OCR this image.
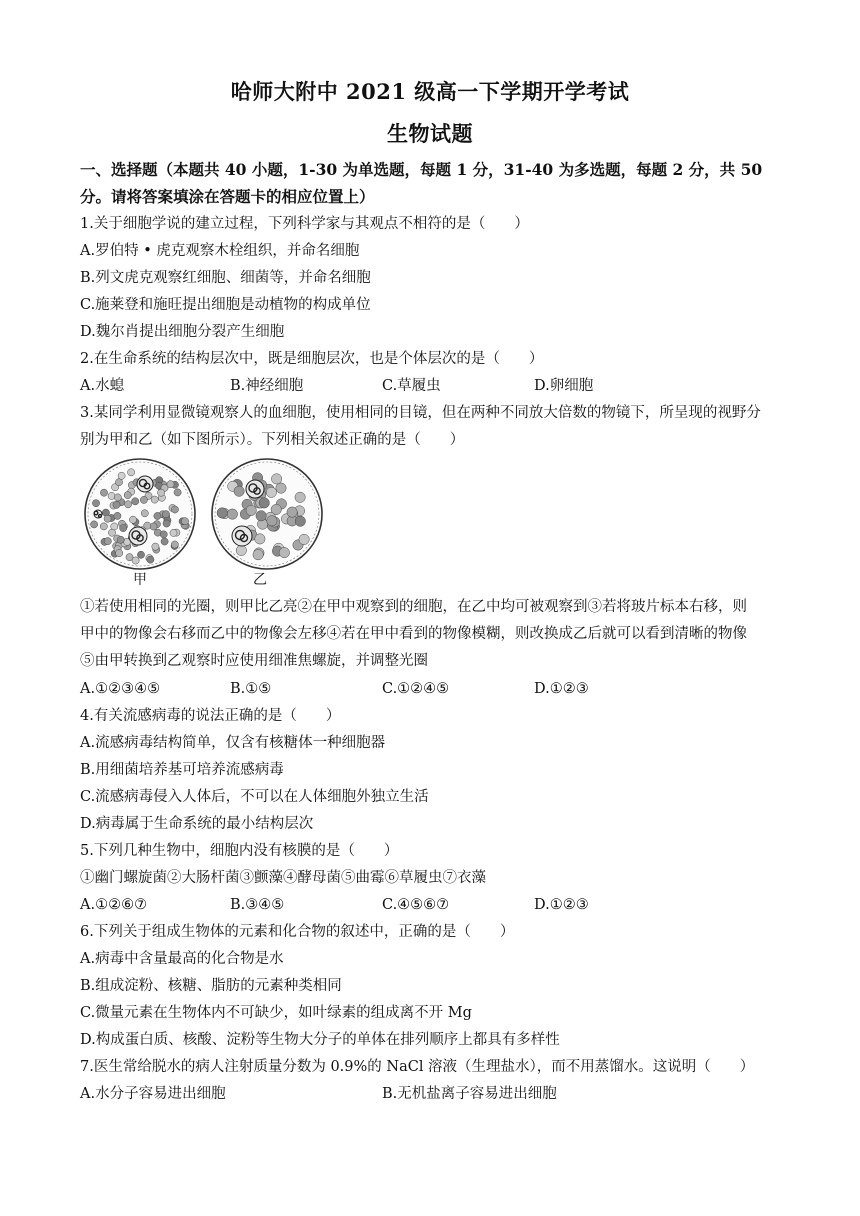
哈师大附中 2021 级高一下学期开学考试
生物试题
一、选择题（本题共 40 小题，1-30 为单选题，每题 1 分，31-40 为多选题，每题 2 分，共 50 分。请将答案填涂在答题卡的相应位置上）
1.关于细胞学说的建立过程，下列科学家与其观点不相符的是（　　）
A.罗伯特 • 虎克观察木栓组织，并命名细胞
B.列文虎克观察红细胞、细菌等，并命名细胞
C.施莱登和施旺提出细胞是动植物的构成单位
D.魏尔肖提出细胞分裂产生细胞
2.在生命系统的结构层次中，既是细胞层次，也是个体层次的是（　　）
A.水螅	B.神经细胞	C.草履虫	D.卵细胞
3.某同学利用显微镜观察人的血细胞，使用相同的目镜，但在两种不同放大倍数的物镜下，所呈现的视野分
别为甲和乙（如下图所示）。下列相关叙述正确的是（　　）
甲	乙
①若使用相同的光圈，则甲比乙亮②在甲中观察到的细胞，在乙中均可被观察到③若将玻片标本右移，则
甲中的物像会右移而乙中的物像会左移④若在甲中看到的物像模糊，则改换成乙后就可以看到清晰的物像
⑤由甲转换到乙观察时应使用细准焦螺旋，并调整光圈
A.①②③④⑤	B.①⑤	C.①②④⑤	D.①②③
4.有关流感病毒的说法正确的是（　　）
A.流感病毒结构简单，仅含有核糖体一种细胞器
B.用细菌培养基可培养流感病毒
C.流感病毒侵入人体后，不可以在人体细胞外独立生活
D.病毒属于生命系统的最小结构层次
5.下列几种生物中，细胞内没有核膜的是（　　）
①幽门螺旋菌②大肠杆菌③颤藻④酵母菌⑤曲霉⑥草履虫⑦衣藻
A.①②⑥⑦	B.③④⑤	C.④⑤⑥⑦	D.①②③
6.下列关于组成生物体的元素和化合物的叙述中，正确的是（　　）
A.病毒中含量最高的化合物是水
B.组成淀粉、核糖、脂肪的元素种类相同
C.微量元素在生物体内不可缺少，如叶绿素的组成离不开 Mg
D.构成蛋白质、核酸、淀粉等生物大分子的单体在排列顺序上都具有多样性
7.医生常给脱水的病人注射质量分数为 0.9%的 NaCl 溶液（生理盐水），而不用蒸馏水。这说明（　　）
A.水分子容易进出细胞	B.无机盐离子容易进出细胞
